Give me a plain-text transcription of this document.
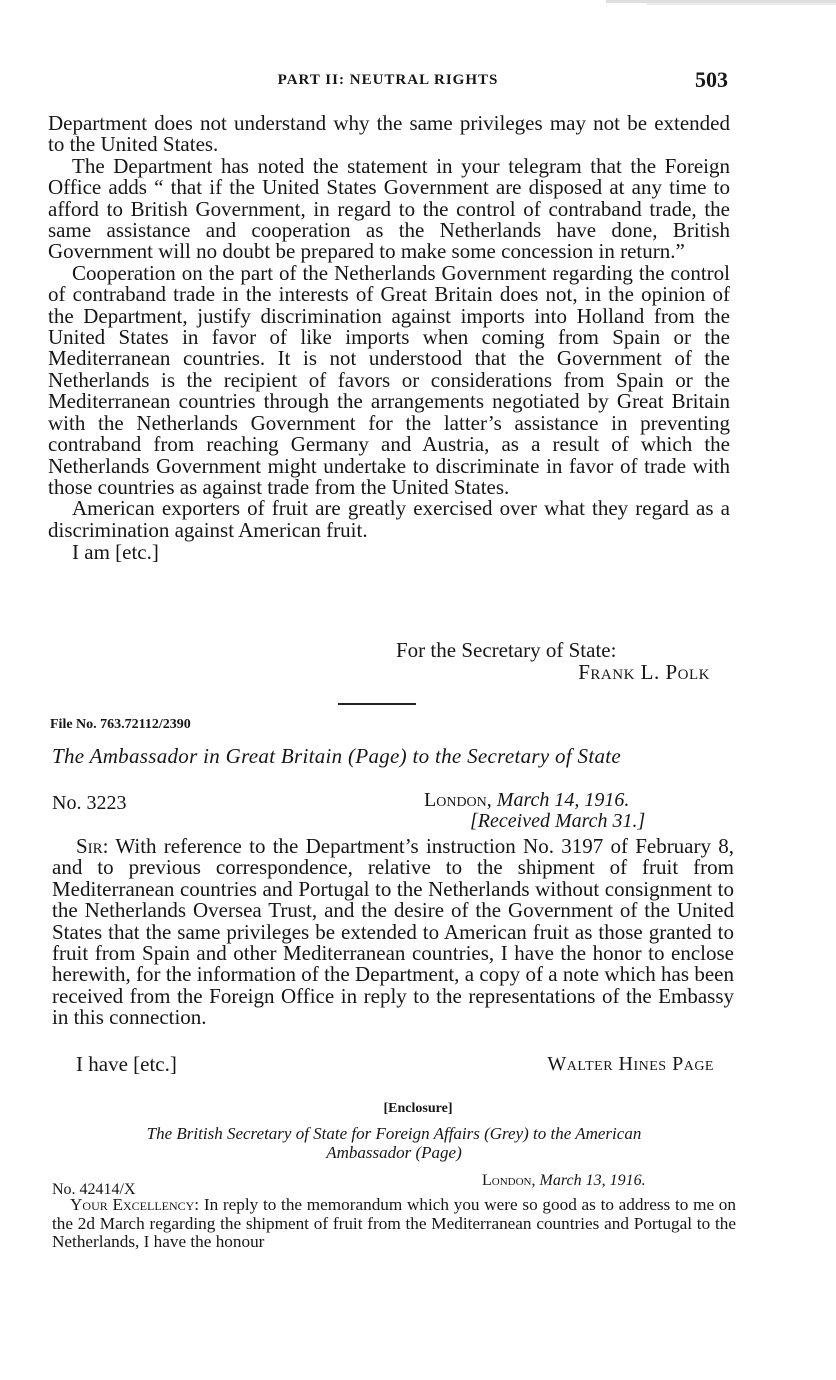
PART II: NEUTRAL RIGHTS	503

Department does not understand why the same privileges may not be extended to the United States.

The Department has noted the statement in your telegram that the Foreign Office adds “ that if the United States Government are disposed at any time to afford to British Government, in regard to the control of contraband trade, the same assistance and cooperation as the Netherlands have done, British Government will no doubt be prepared to make some concession in return.”

Cooperation on the part of the Netherlands Government regarding the control of contraband trade in the interests of Great Britain does not, in the opinion of the Department, justify discrimination against imports into Holland from the United States in favor of like imports when coming from Spain or the Mediterranean countries. It is not understood that the Government of the Netherlands is the recipient of favors or considerations from Spain or the Mediterranean countries through the arrangements negotiated by Great Britain with the Netherlands Government for the latter’s assistance in preventing contraband from reaching Germany and Austria, as a result of which the Netherlands Government might undertake to discriminate in favor of trade with those countries as against trade from the United States.

American exporters of fruit are greatly exercised over what they regard as a discrimination against American fruit.

I am [etc.]

For the Secretary of State:
Frank L. Polk
File No. 763.72112/2390
The Ambassador in Great Britain (Page) to the Secretary of State
No. 3223	London, March 14, 1916.
[Received March 31.]

Sir: With reference to the Department’s instruction No. 3197 of February 8, and to previous correspondence, relative to the shipment of fruit from Mediterranean countries and Portugal to the Netherlands without consignment to the Netherlands Oversea Trust, and the desire of the Government of the United States that the same privileges be extended to American fruit as those granted to fruit from Spain and other Mediterranean countries, I have the honor to enclose herewith, for the information of the Department, a copy of a note which has been received from the Foreign Office in reply to the representations of the Embassy in this connection.

I have [etc.]	Walter Hines Page
[Enclosure]
The British Secretary of State for Foreign Affairs (Grey) to the American
Ambassador (Page)
No. 42414/X
London, March 13, 1916.

Your Excellency: In reply to the memorandum which you were so good as to address to me on the 2d March regarding the shipment of fruit from the Mediterranean countries and Portugal to the Netherlands, I have the honour
